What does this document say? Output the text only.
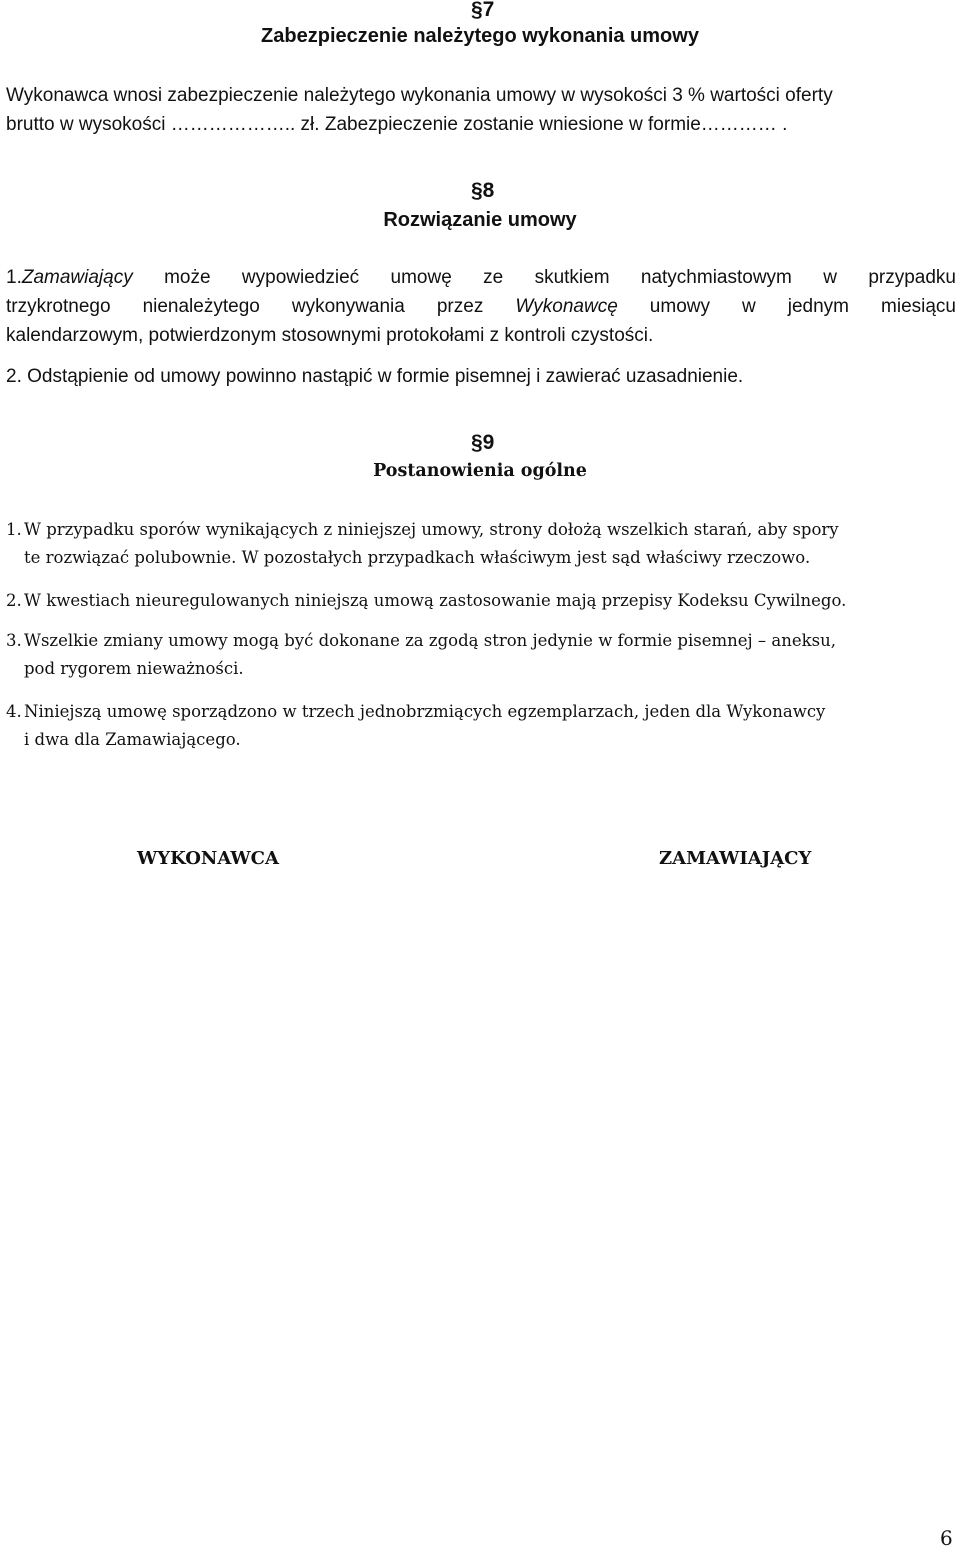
§7
Zabezpieczenie należytego wykonania umowy
Wykonawca wnosi zabezpieczenie należytego wykonania umowy w wysokości 3 % wartości oferty
brutto w wysokości ……………….. zł. Zabezpieczenie zostanie wniesione w formie………… .
§8
Rozwiązanie umowy
1.Zamawiający może wypowiedzieć umowę ze skutkiem natychmiastowym w przypadku
trzykrotnego nienależytego wykonywania przez Wykonawcę umowy w jednym miesiącu
kalendarzowym, potwierdzonym stosownymi protokołami z kontroli czystości.
2. Odstąpienie od umowy powinno nastąpić w formie pisemnej i zawierać uzasadnienie.
§9
Postanowienia ogólne
1. W przypadku sporów wynikających z niniejszej umowy, strony dołożą wszelkich starań, aby spory
te rozwiązać polubownie. W pozostałych przypadkach właściwym jest sąd właściwy rzeczowo.
2. W kwestiach nieuregulowanych niniejszą umową zastosowanie mają przepisy Kodeksu Cywilnego.
3. Wszelkie zmiany umowy mogą być dokonane za zgodą stron jedynie w formie pisemnej – aneksu,
pod rygorem nieważności.
4. Niniejszą umowę sporządzono w trzech jednobrzmiących egzemplarzach, jeden dla Wykonawcy
i dwa dla Zamawiającego.
WYKONAWCA	ZAMAWIAJĄCY
6
